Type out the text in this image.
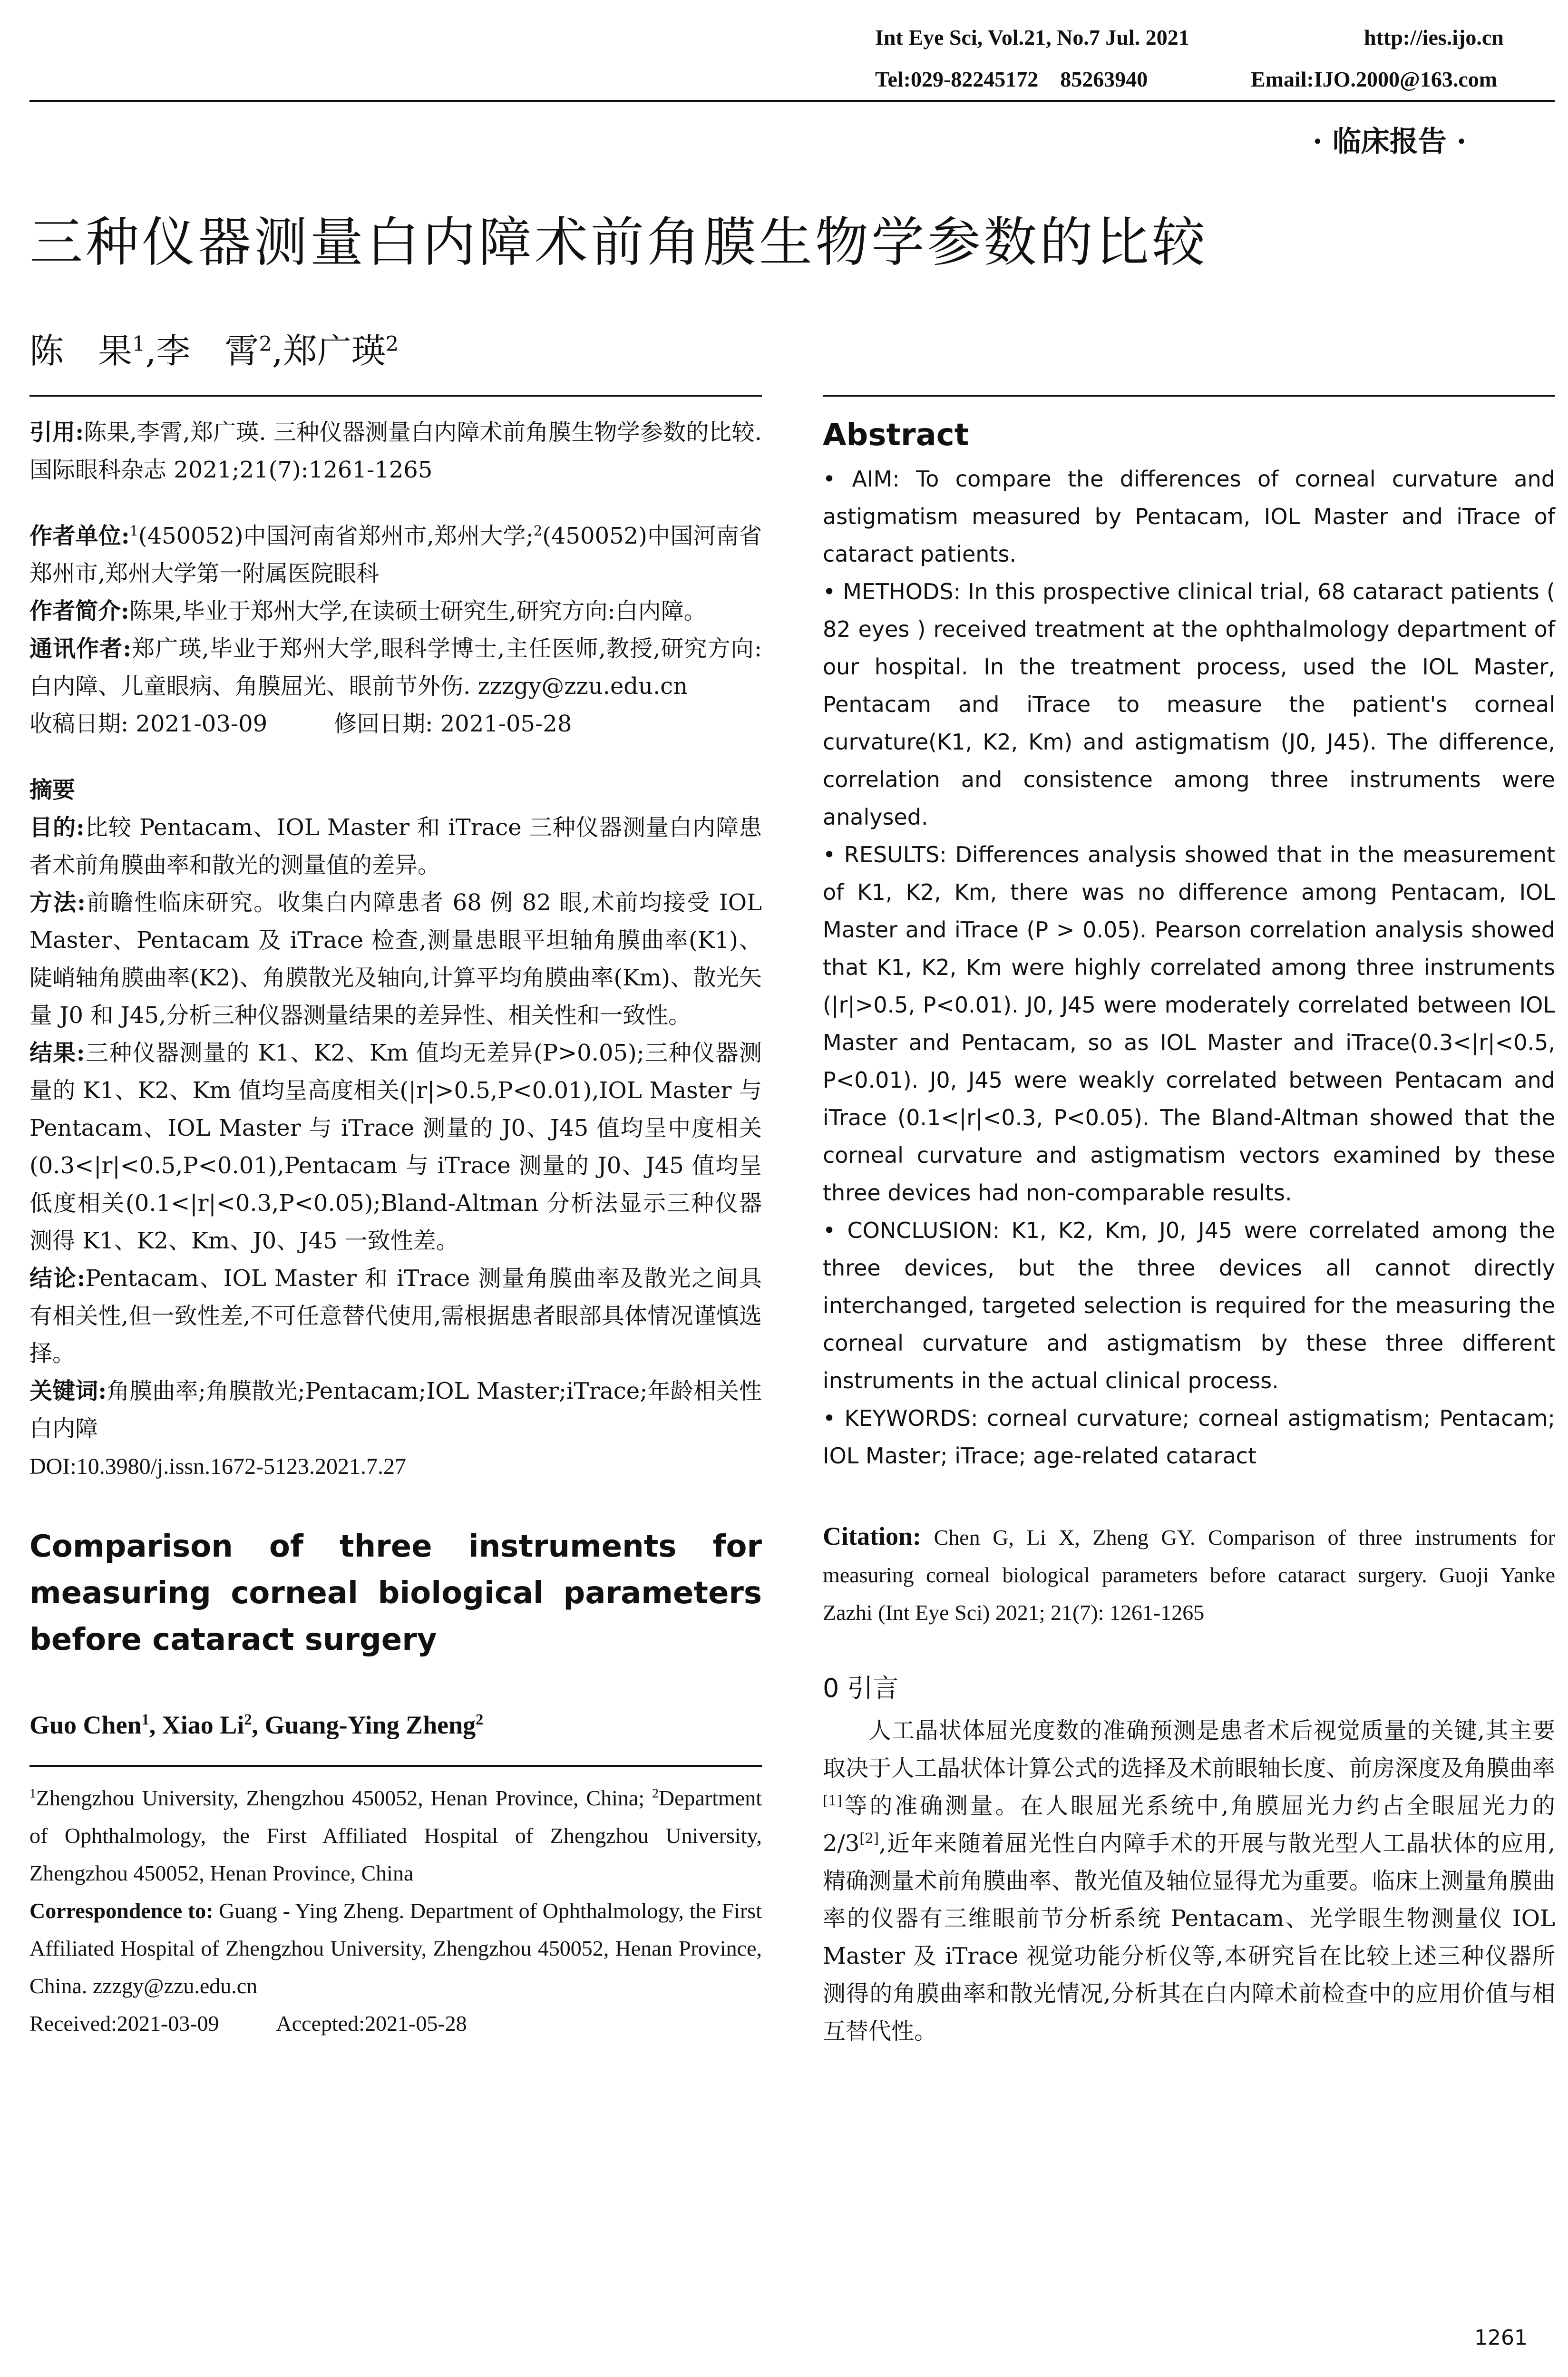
Int Eye Sci, Vol.21, No.7 Jul. 2021	http://ies.ijo.cn
Tel:029-82245172    85263940	Email:IJO.2000@163.com
· 临床报告 ·
三种仪器测量白内障术前角膜生物学参数的比较
陈　果$^1$,李　霄$^2$,郑广瑛$^2$

引用:陈果,李霄,郑广瑛. 三种仪器测量白内障术前角膜生物学参数的比较. 国际眼科杂志 2021;21(7):1261-1265

作者单位:$^1$(450052)中国河南省郑州市,郑州大学;$^2$(450052)中国河南省郑州市,郑州大学第一附属医院眼科

作者简介:陈果,毕业于郑州大学,在读硕士研究生,研究方向:白内障。

通讯作者:郑广瑛,毕业于郑州大学,眼科学博士,主任医师,教授,研究方向:白内障、儿童眼病、角膜屈光、眼前节外伤. zzzgy@zzu.edu.cn

收稿日期: 2021-03-09	修回日期: 2021-05-28

摘要

目的:比较 Pentacam、IOL Master 和 iTrace 三种仪器测量白内障患者术前角膜曲率和散光的测量值的差异。

方法:前瞻性临床研究。收集白内障患者 68 例 82 眼,术前均接受 IOL Master、Pentacam 及 iTrace 检查,测量患眼平坦轴角膜曲率(K1)、陡峭轴角膜曲率(K2)、角膜散光及轴向,计算平均角膜曲率(Km)、散光矢量 J0 和 J45,分析三种仪器测量结果的差异性、相关性和一致性。

结果:三种仪器测量的 K1、K2、Km 值均无差异(P>0.05);三种仪器测量的 K1、K2、Km 值均呈高度相关(|r|>0.5,P<0.01),IOL Master 与 Pentacam、IOL Master 与 iTrace 测量的 J0、J45 值均呈中度相关(0.3<|r|<0.5,P<0.01),Pentacam 与 iTrace 测量的 J0、J45 值均呈低度相关(0.1<|r|<0.3,P<0.05);Bland-Altman 分析法显示三种仪器测得 K1、K2、Km、J0、J45 一致性差。

结论:Pentacam、IOL Master 和 iTrace 测量角膜曲率及散光之间具有相关性,但一致性差,不可任意替代使用,需根据患者眼部具体情况谨慎选择。

关键词:角膜曲率;角膜散光;Pentacam;IOL Master;iTrace;年龄相关性白内障

DOI:10.3980/j.issn.1672-5123.2021.7.27

Comparison of three instruments for measuring corneal biological parameters before cataract surgery

Guo Chen$^1$, Xiao Li$^2$, Guang-Ying Zheng$^2$

$^1$Zhengzhou University, Zhengzhou 450052, Henan Province, China; $^2$Department of Ophthalmology, the First Affiliated Hospital of Zhengzhou University, Zhengzhou 450052, Henan Province, China

Correspondence to: Guang - Ying Zheng. Department of Ophthalmology, the First Affiliated Hospital of Zhengzhou University, Zhengzhou 450052, Henan Province, China. zzzgy@zzu.edu.cn

Received:2021-03-09	Accepted:2021-05-28

Abstract

• AIM: To compare the differences of corneal curvature and astigmatism measured by Pentacam, IOL Master and iTrace of cataract patients.

• METHODS: In this prospective clinical trial, 68 cataract patients ( 82 eyes ) received treatment at the ophthalmology department of our hospital. In the treatment process, used the IOL Master, Pentacam and iTrace to measure the patient's corneal curvature(K1, K2, Km) and astigmatism (J0, J45). The difference, correlation and consistence among three instruments were analysed.

• RESULTS: Differences analysis showed that in the measurement of K1, K2, Km, there was no difference among Pentacam, IOL Master and iTrace (P > 0.05). Pearson correlation analysis showed that K1, K2, Km were highly correlated among three instruments (|r|>0.5, P<0.01). J0, J45 were moderately correlated between IOL Master and Pentacam, so as IOL Master and iTrace(0.3<|r|<0.5, P<0.01). J0, J45 were weakly correlated between Pentacam and iTrace (0.1<|r|<0.3, P<0.05). The Bland-Altman showed that the corneal curvature and astigmatism vectors examined by these three devices had non-comparable results.

• CONCLUSION: K1, K2, Km, J0, J45 were correlated among the three devices, but the three devices all cannot directly interchanged, targeted selection is required for the measuring the corneal curvature and astigmatism by these three different instruments in the actual clinical process.

• KEYWORDS: corneal curvature; corneal astigmatism; Pentacam; IOL Master; iTrace; age-related cataract

Citation: Chen G, Li X, Zheng GY. Comparison of three instruments for measuring corneal biological parameters before cataract surgery. Guoji Yanke Zazhi (Int Eye Sci) 2021; 21(7): 1261-1265

0 引言

人工晶状体屈光度数的准确预测是患者术后视觉质量的关键,其主要取决于人工晶状体计算公式的选择及术前眼轴长度、前房深度及角膜曲率[1]等的准确测量。在人眼屈光系统中,角膜屈光力约占全眼屈光力的 2/3[2],近年来随着屈光性白内障手术的开展与散光型人工晶状体的应用,精确测量术前角膜曲率、散光值及轴位显得尤为重要。临床上测量角膜曲率的仪器有三维眼前节分析系统 Pentacam、光学眼生物测量仪 IOL Master 及 iTrace 视觉功能分析仪等,本研究旨在比较上述三种仪器所测得的角膜曲率和散光情况,分析其在白内障术前检查中的应用价值与相互替代性。

1261
